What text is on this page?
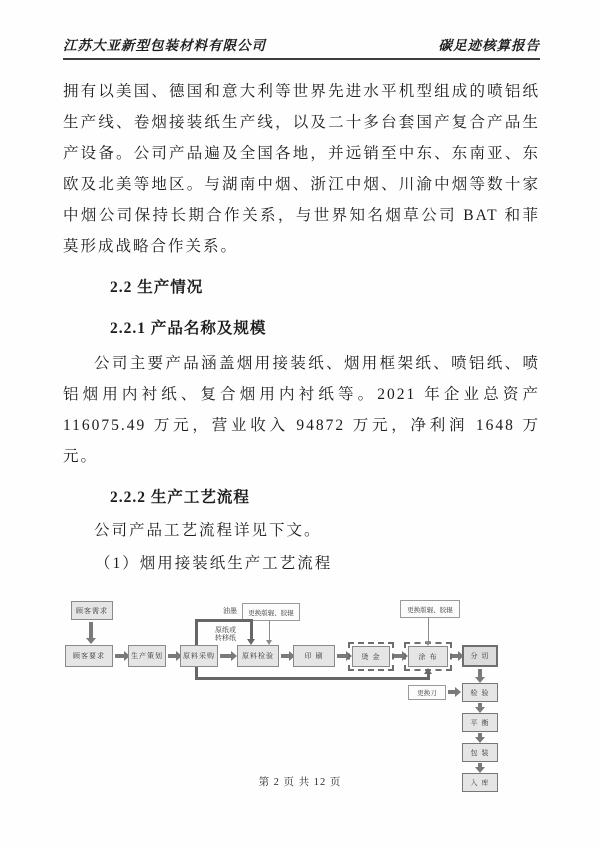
江苏大亚新型包装材料有限公司	碳足迹核算报告

拥有以美国、德国和意大利等世界先进水平机型组成的喷铝纸生产线、卷烟接装纸生产线，以及二十多台套国产复合产品生产设备。公司产品遍及全国各地，并远销至中东、东南亚、东欧及北美等地区。与湖南中烟、浙江中烟、川渝中烟等数十家中烟公司保持长期合作关系，与世界知名烟草公司 BAT 和菲莫形成战略合作关系。

2.2 生产情况
2.2.1 产品名称及规模

公司主要产品涵盖烟用接装纸、烟用框架纸、喷铝纸、喷铝烟用内衬纸、复合烟用内衬纸等。2021 年企业总资产 116075.49 万元，营业收入 94872 万元，净利润 1648 万元。

2.2.2 生产工艺流程

公司产品工艺流程详见下文。

（1）烟用接装纸生产工艺流程

顾客需求
顾客要求	生产策划	原料采购	原料检验	印 刷	烫 金	涂 布	分 切
检 验
平 衡
包 装
入 库
更换刀
更换版辊、胶辊	更换版辊、胶辊
油墨
原纸或
转移纸
第 2 页 共 12 页
